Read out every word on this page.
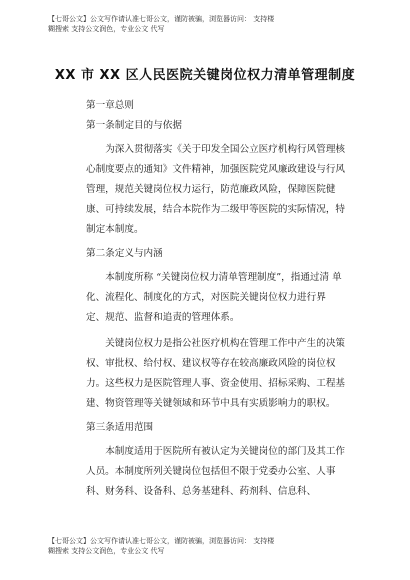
【七哥公文】公文写作请认准七哥公文，谨防被骗，浏览器访问： 支持楼
糊搜索 支持公文润色，专业公文 代写
XX 市 XX 区人民医院关键岗位权力清单管理制度

第一章总则

第一条制定目的与依据

为深入贯彻落实《关于印发全国公立医疗机构行风管理核心制度要点的通知》文件精神，加强医院党风廉政建设与行风管理，规范关键岗位权力运行，防范廉政风险，保障医院健康、可持续发展，结合本院作为二级甲等医院的实际情况，特制定本制度。

第二条定义与内涵

本制度所称 “关键岗位权力清单管理制度”，指通过清 单化、流程化、制度化的方式，对医院关键岗位权力进行界 定、规范、监督和追责的管理体系。

关键岗位权力是指公社医疗机构在管理工作中产生的决策权、审批权、给付权、建议权等存在较高廉政风险的岗位权力。这些权力是医院管理人事、资金使用、招标采购、工程基建、物资管理等关键领域和环节中具有实质影响力的职权。

第三条适用范围

本制度适用于医院所有被认定为关键岗位的部门及其工作人员。本制度所列关键岗位包括但不限于党委办公室、人事科、财务科、设备科、总务基建科、药剂科、信息科、

【七哥公文】公文写作请认准七哥公文，谨防被骗，浏览器访问： 支持楼
糊搜索 支持公文润色，专业公文 代写
